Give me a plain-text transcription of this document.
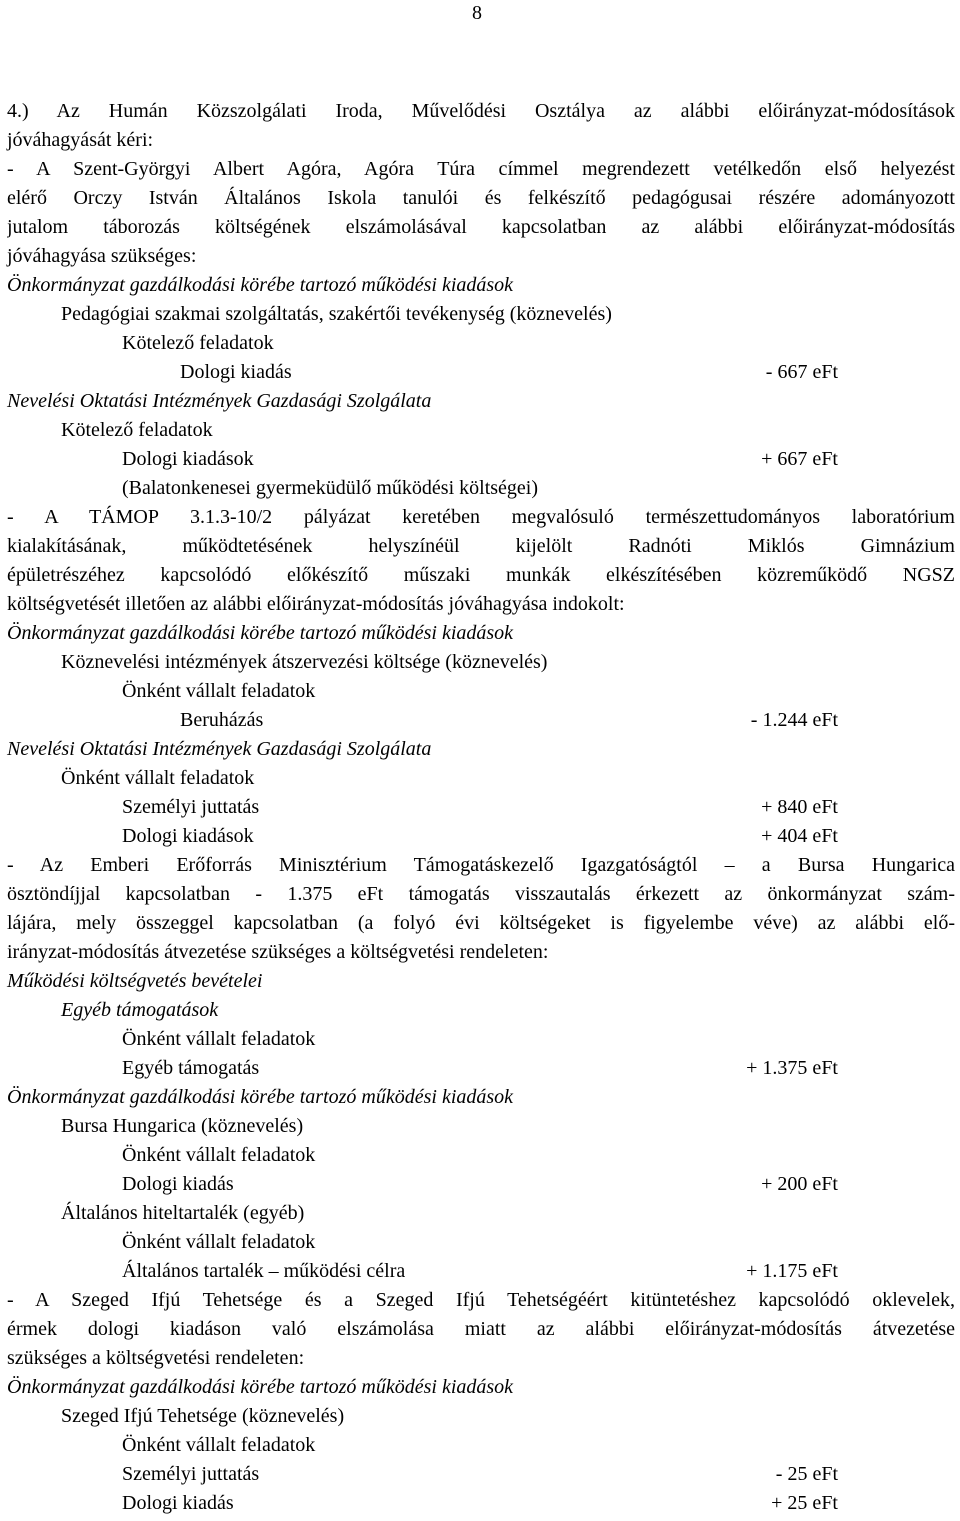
8
4.) Az Humán Közszolgálati Iroda, Művelődési Osztálya az alábbi előirányzat-módosítások
jóváhagyását kéri:
- A Szent-Györgyi Albert Agóra, Agóra Túra címmel megrendezett vetélkedőn első helyezést
elérő Orczy István Általános Iskola tanulói és felkészítő pedagógusai részére adományozott
jutalom táborozás költségének elszámolásával kapcsolatban az alábbi előirányzat-módosítás
jóváhagyása szükséges:
Önkormányzat gazdálkodási körébe tartozó működési kiadások
Pedagógiai szakmai szolgáltatás, szakértői tevékenység (köznevelés)
Kötelező feladatok
Dologi kiadás	- 667 eFt
Nevelési Oktatási Intézmények Gazdasági Szolgálata
Kötelező feladatok
Dologi kiadások	+ 667 eFt
(Balatonkenesei gyermeküdülő működési költségei)
- A TÁMOP 3.1.3-10/2 pályázat keretében megvalósuló természettudományos laboratórium
kialakításának, működtetésének helyszínéül kijelölt Radnóti Miklós Gimnázium
épületrészéhez kapcsolódó előkészítő műszaki munkák elkészítésében közreműködő NGSZ
költségvetését illetően az alábbi előirányzat-módosítás jóváhagyása indokolt:
Önkormányzat gazdálkodási körébe tartozó működési kiadások
Köznevelési intézmények átszervezési költsége (köznevelés)
Önként vállalt feladatok
Beruházás	- 1.244 eFt
Nevelési Oktatási Intézmények Gazdasági Szolgálata
Önként vállalt feladatok
Személyi juttatás	+ 840 eFt
Dologi kiadások	+ 404 eFt
- Az Emberi Erőforrás Minisztérium Támogatáskezelő Igazgatóságtól – a Bursa Hungarica
ösztöndíjjal kapcsolatban - 1.375 eFt támogatás visszautalás érkezett az önkormányzat szám-
lájára, mely összeggel kapcsolatban (a folyó évi költségeket is figyelembe véve) az alábbi elő-
irányzat-módosítás átvezetése szükséges a költségvetési rendeleten:
Működési költségvetés bevételei
Egyéb támogatások
Önként vállalt feladatok
Egyéb támogatás	+ 1.375 eFt
Önkormányzat gazdálkodási körébe tartozó működési kiadások
Bursa Hungarica (köznevelés)
Önként vállalt feladatok
Dologi kiadás	+ 200 eFt
Általános hiteltartalék (egyéb)
Önként vállalt feladatok
Általános tartalék – működési célra	+ 1.175 eFt
- A Szeged Ifjú Tehetsége és a Szeged Ifjú Tehetségéért kitüntetéshez kapcsolódó oklevelek,
érmek dologi kiadáson való elszámolása miatt az alábbi előirányzat-módosítás átvezetése
szükséges a költségvetési rendeleten:
Önkormányzat gazdálkodási körébe tartozó működési kiadások
Szeged Ifjú Tehetsége (köznevelés)
Önként vállalt feladatok
Személyi juttatás	- 25 eFt
Dologi kiadás	+ 25 eFt
